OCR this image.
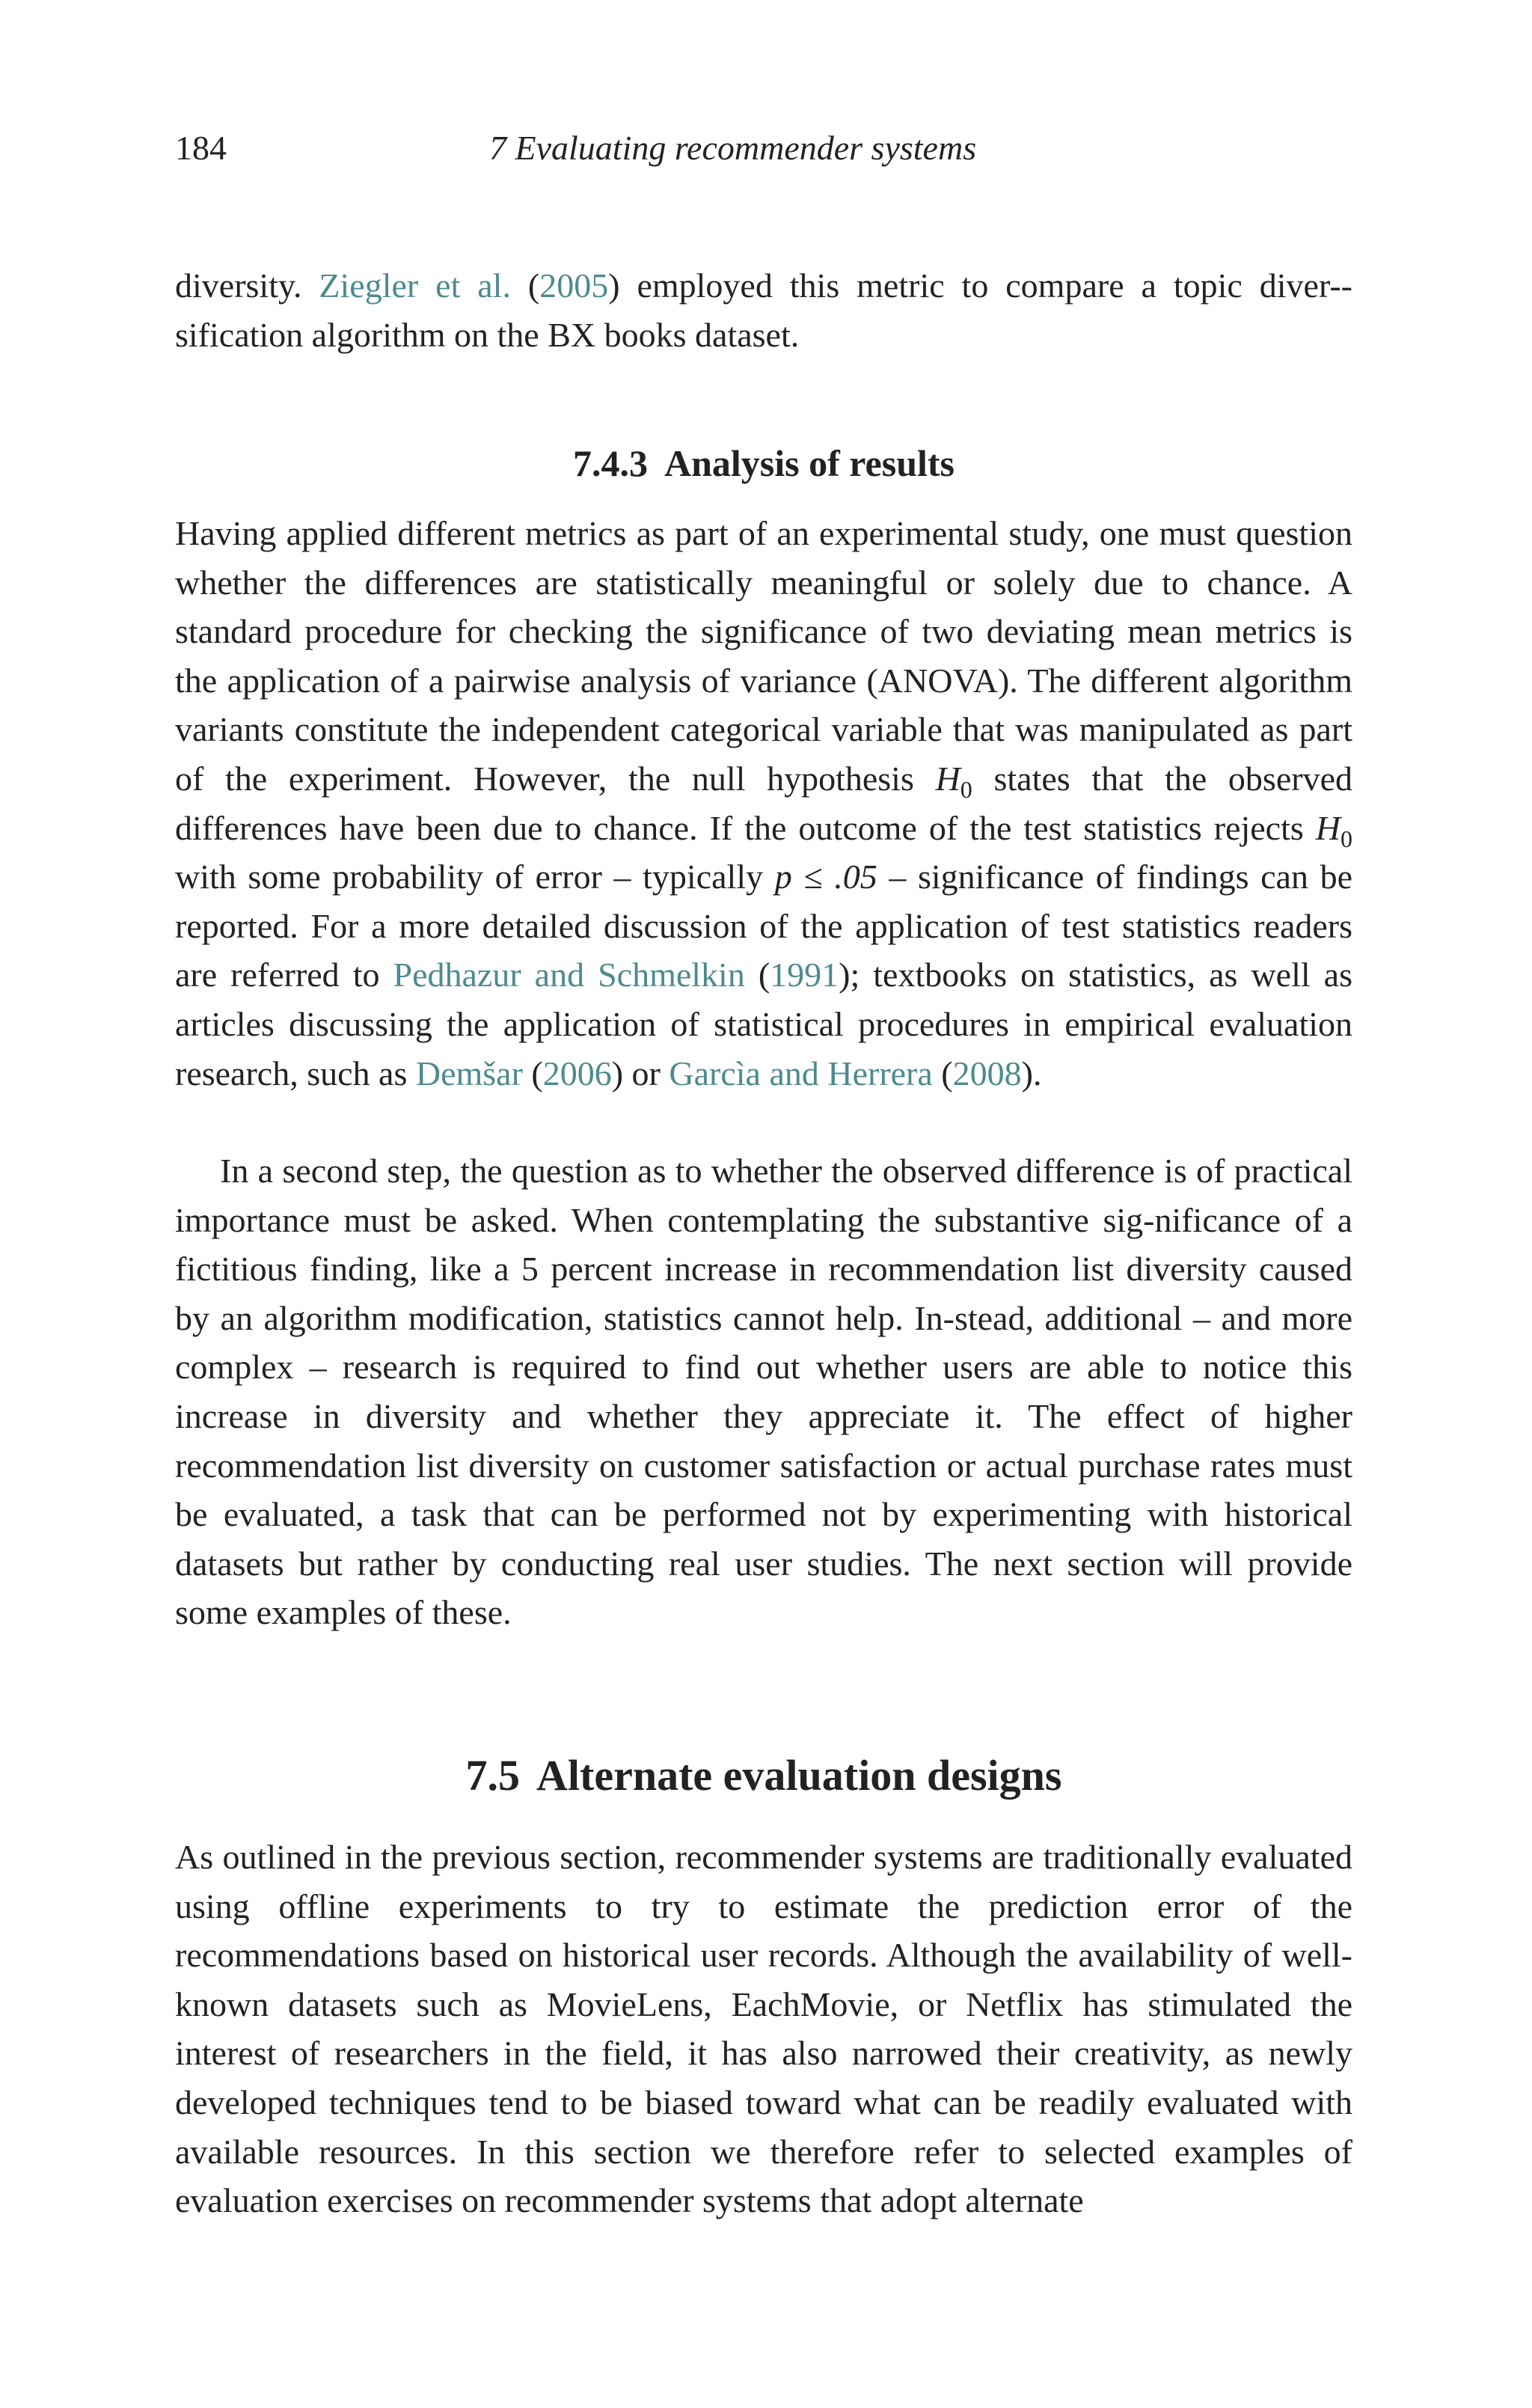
184	7 Evaluating recommender systems

diversity. Ziegler et al. (2005) employed this metric to compare a topic diver-sification algorithm on the BX books dataset.

7.4.3 Analysis of results

Having applied different metrics as part of an experimental study, one must question whether the differences are statistically meaningful or solely due to chance. A standard procedure for checking the significance of two deviating mean metrics is the application of a pairwise analysis of variance (ANOVA). The different algorithm variants constitute the independent categorical variable that was manipulated as part of the experiment. However, the null hypothesis $H_0$ states that the observed differences have been due to chance. If the outcome of the test statistics rejects $H_0$ with some probability of error – typically p ≤ .05 – significance of findings can be reported. For a more detailed discussion of the application of test statistics readers are referred to Pedhazur and Schmelkin (1991); textbooks on statistics, as well as articles discussing the application of statistical procedures in empirical evaluation research, such as Demšar (2006) or Garcìa and Herrera (2008).

In a second step, the question as to whether the observed difference is of practical importance must be asked. When contemplating the substantive sig-nificance of a fictitious finding, like a 5 percent increase in recommendation list diversity caused by an algorithm modification, statistics cannot help. In-stead, additional – and more complex – research is required to find out whether users are able to notice this increase in diversity and whether they appreciate it. The effect of higher recommendation list diversity on customer satisfaction or actual purchase rates must be evaluated, a task that can be performed not by experimenting with historical datasets but rather by conducting real user studies. The next section will provide some examples of these.

7.5 Alternate evaluation designs

As outlined in the previous section, recommender systems are traditionally evaluated using offline experiments to try to estimate the prediction error of the recommendations based on historical user records. Although the availability of well-known datasets such as MovieLens, EachMovie, or Netflix has stimulated the interest of researchers in the field, it has also narrowed their creativity, as newly developed techniques tend to be biased toward what can be readily evaluated with available resources. In this section we therefore refer to selected examples of evaluation exercises on recommender systems that adopt alternate
